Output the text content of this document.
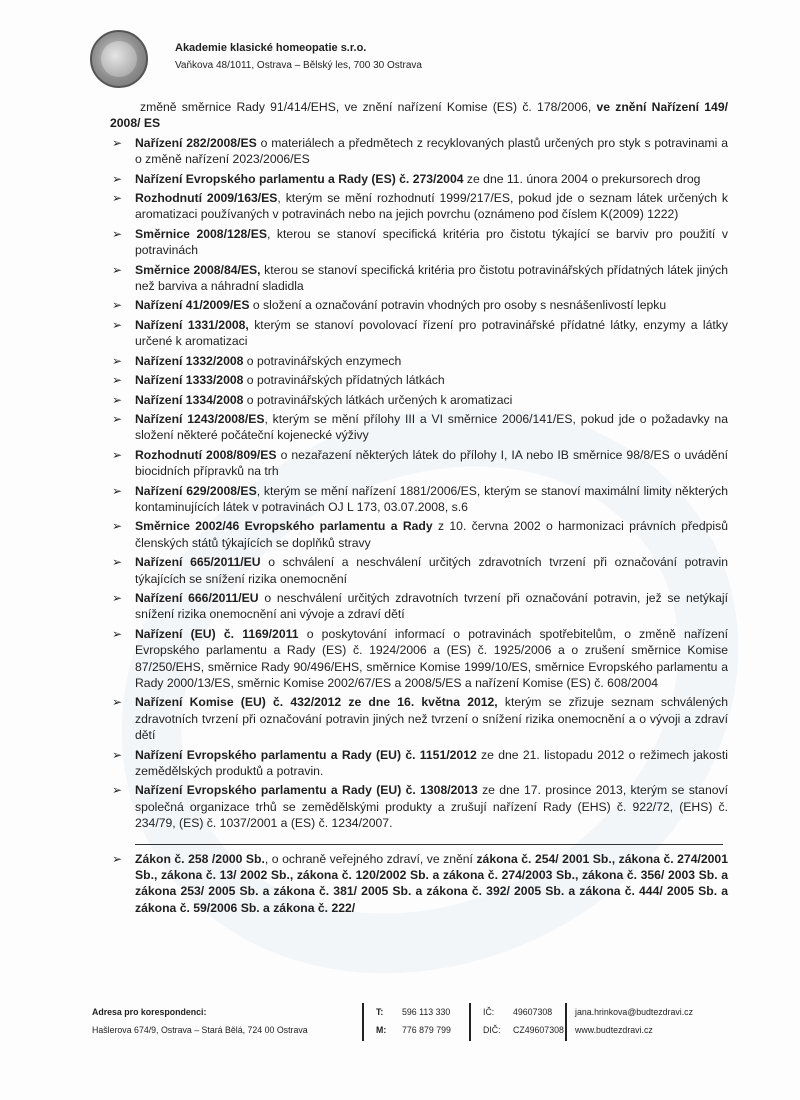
Akademie klasické homeopatie s.r.o.
Vaňkova 48/1011, Ostrava – Bělský les, 700 30 Ostrava
změně směrnice Rady 91/414/EHS, ve znění nařízení Komise (ES) č. 178/2006, ve znění Nařízení 149/ 2008/ ES
➢ Nařízení 282/2008/ES o materiálech a předmětech z recyklovaných plastů určených pro styk s potravinami a o změně nařízení 2023/2006/ES
➢ Nařízení Evropského parlamentu a Rady (ES) č. 273/2004 ze dne 11. února 2004 o prekursorech drog
➢ Rozhodnutí 2009/163/ES, kterým se mění rozhodnutí 1999/217/ES, pokud jde o seznam látek určených k aromatizaci používaných v potravinách nebo na jejich povrchu (oznámeno pod číslem K(2009) 1222)
➢ Směrnice 2008/128/ES, kterou se stanoví specifická kritéria pro čistotu týkající se barviv pro použití v potravinách
➢ Směrnice 2008/84/ES, kterou se stanoví specifická kritéria pro čistotu potravinářských přídatných látek jiných než barviva a náhradní sladidla
➢ Nařízení 41/2009/ES o složení a označování potravin vhodných pro osoby s nesnášenlivostí lepku
➢ Nařízení 1331/2008, kterým se stanoví povolovací řízení pro potravinářské přídatné látky, enzymy a látky určené k aromatizaci
➢ Nařízení 1332/2008 o potravinářských enzymech
➢ Nařízení 1333/2008 o potravinářských přídatných látkách
➢ Nařízení 1334/2008 o potravinářských látkách určených k aromatizaci
➢ Nařízení 1243/2008/ES, kterým se mění přílohy III a VI směrnice 2006/141/ES, pokud jde o požadavky na složení některé počáteční kojenecké výživy
➢ Rozhodnutí 2008/809/ES o nezařazení některých látek do přílohy I, IA nebo IB směrnice 98/8/ES o uvádění biocidních přípravků na trh
➢ Nařízení 629/2008/ES, kterým se mění nařízení 1881/2006/ES, kterým se stanoví maximální limity některých kontaminujících látek v potravinách OJ L 173, 03.07.2008, s.6
➢ Směrnice 2002/46 Evropského parlamentu a Rady z 10. června 2002 o harmonizaci právních předpisů členských států týkajících se doplňků stravy
➢ Nařízení 665/2011/EU o schválení a neschválení určitých zdravotních tvrzení při označování potravin týkajících se snížení rizika onemocnění
➢ Nařízení 666/2011/EU o neschválení určitých zdravotních tvrzení při označování potravin, jež se netýkají snížení rizika onemocnění ani vývoje a zdraví dětí
➢ Nařízení (EU) č. 1169/2011 o poskytování informací o potravinách spotřebitelům, o změně nařízení Evropského parlamentu a Rady (ES) č. 1924/2006 a (ES) č. 1925/2006 a o zrušení směrnice Komise 87/250/EHS, směrnice Rady 90/496/EHS, směrnice Komise 1999/10/ES, směrnice Evropského parlamentu a Rady 2000/13/ES, směrnic Komise 2002/67/ES a 2008/5/ES a nařízení Komise (ES) č. 608/2004
➢ Nařízení Komise (EU) č. 432/2012 ze dne 16. května 2012, kterým se zřizuje seznam schválených zdravotních tvrzení při označování potravin jiných než tvrzení o snížení rizika onemocnění a o vývoji a zdraví dětí
➢ Nařízení Evropského parlamentu a Rady (EU) č. 1151/2012 ze dne 21. listopadu 2012 o režimech jakosti zemědělských produktů a potravin.
➢ Nařízení Evropského parlamentu a Rady (EU) č. 1308/2013 ze dne 17. prosince 2013, kterým se stanoví společná organizace trhů se zemědělskými produkty a zrušují nařízení Rady (EHS) č. 922/72, (EHS) č. 234/79, (ES) č. 1037/2001 a (ES) č. 1234/2007.
➢ Zákon č. 258 /2000 Sb., o ochraně veřejného zdraví, ve znění zákona č. 254/ 2001 Sb., zákona č. 274/2001 Sb., zákona č. 13/ 2002 Sb., zákona č. 120/2002 Sb. a zákona č. 274/2003 Sb., zákona č. 356/ 2003 Sb. a zákona 253/ 2005 Sb. a zákona č. 381/ 2005 Sb. a zákona č. 392/ 2005 Sb. a zákona č. 444/ 2005 Sb. a zákona č. 59/2006 Sb. a zákona č. 222/
Adresa pro korespondenci:
Hašlerova 674/9, Ostrava – Stará Bělá, 724 00 Ostrava
T: 596 113 330
M: 776 879 799
IČ: 49607308
DIČ: CZ49607308
jana.hrinkova@budtezdravi.cz
www.budtezdravi.cz
